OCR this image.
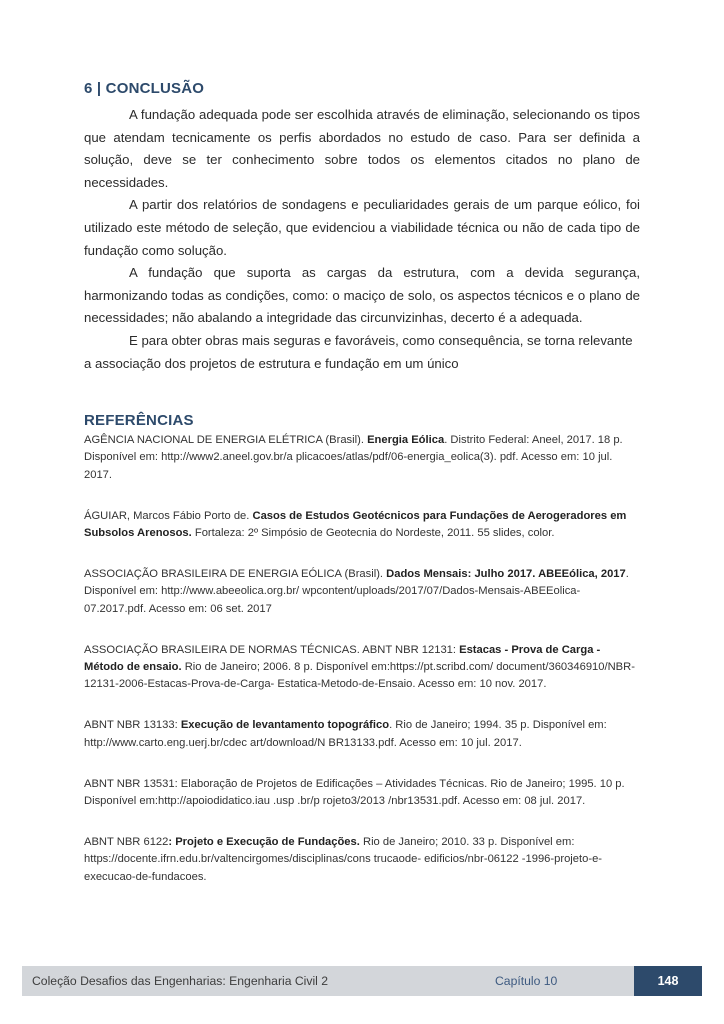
6 | CONCLUSÃO

A fundação adequada pode ser escolhida através de eliminação, selecionando os tipos que atendam tecnicamente os perfis abordados no estudo de caso. Para ser definida a solução, deve se ter conhecimento sobre todos os elementos citados no plano de necessidades.

A partir dos relatórios de sondagens e peculiaridades gerais de um parque eólico, foi utilizado este método de seleção, que evidenciou a viabilidade técnica ou não de cada tipo de fundação como solução.

A fundação que suporta as cargas da estrutura, com a devida segurança, harmonizando todas as condições, como: o maciço de solo, os aspectos técnicos e o plano de necessidades; não abalando a integridade das circunvizinhas, decerto é a adequada.

E para obter obras mais seguras e favoráveis, como consequência, se torna relevante a associação dos projetos de estrutura e fundação em um único

REFERÊNCIAS

AGÊNCIA NACIONAL DE ENERGIA ELÉTRICA (Brasil). Energia Eólica. Distrito Federal: Aneel, 2017. 18 p. Disponível em: http://www2.aneel.gov.br/a plicacoes/atlas/pdf/06-energia_eolica(3). pdf. Acesso em: 10 jul. 2017.

ÁGUIAR, Marcos Fábio Porto de. Casos de Estudos Geotécnicos para Fundações de Aerogeradores em Subsolos Arenosos. Fortaleza: 2º Simpósio de Geotecnia do Nordeste, 2011. 55 slides, color.

ASSOCIAÇÃO BRASILEIRA DE ENERGIA EÓLICA (Brasil). Dados Mensais: Julho 2017. ABEEólica, 2017. Disponível em: http://www.abeeolica.org.br/ wpcontent/uploads/2017/07/Dados-Mensais-ABEEolica-07.2017.pdf. Acesso em: 06 set. 2017

ASSOCIAÇÃO BRASILEIRA DE NORMAS TÉCNICAS. ABNT NBR 12131: Estacas - Prova de Carga - Método de ensaio. Rio de Janeiro; 2006. 8 p. Disponível em:https://pt.scribd.com/ document/360346910/NBR-12131-2006-Estacas-Prova-de-Carga- Estatica-Metodo-de-Ensaio. Acesso em: 10 nov. 2017.

ABNT NBR 13133: Execução de levantamento topográfico. Rio de Janeiro; 1994. 35 p. Disponível em: http://www.carto.eng.uerj.br/cdec art/download/N BR13133.pdf. Acesso em: 10 jul. 2017.

ABNT NBR 13531: Elaboração de Projetos de Edificações – Atividades Técnicas. Rio de Janeiro; 1995. 10 p. Disponível em:http://apoiodidatico.iau .usp .br/p rojeto3/2013 /nbr13531.pdf. Acesso em: 08 jul. 2017.

ABNT NBR 6122: Projeto e Execução de Fundações. Rio de Janeiro; 2010. 33 p. Disponível em: https://docente.ifrn.edu.br/valtencirgomes/disciplinas/cons trucaode- edificios/nbr-06122 -1996-projeto-e-execucao-de-fundacoes.

Coleção Desafios das Engenharias: Engenharia Civil 2	Capítulo 10	148
